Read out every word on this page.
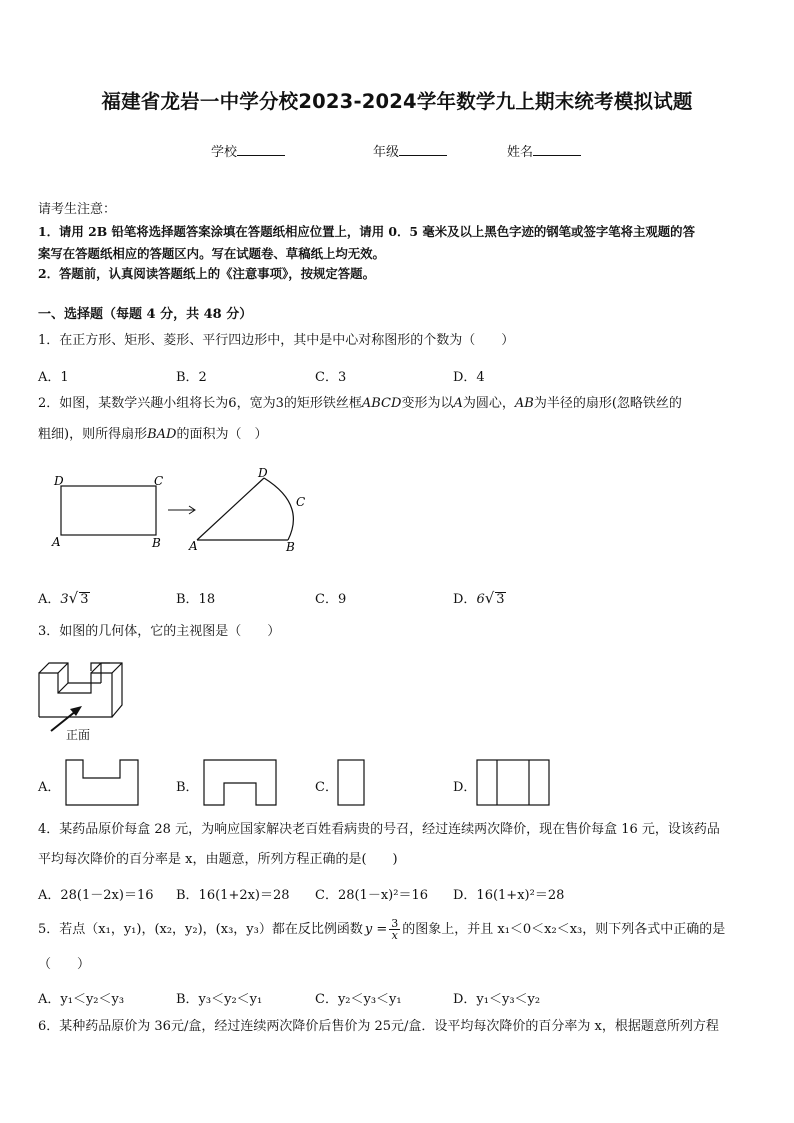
福建省龙岩一中学分校2023-2024学年数学九上期末统考模拟试题
学校	年级	姓名
请考生注意：
1．请用 2B 铅笔将选择题答案涂填在答题纸相应位置上，请用 0．5 毫米及以上黑色字迹的钢笔或签字笔将主观题的答
案写在答题纸相应的答题区内。写在试题卷、草稿纸上均无效。
2．答题前，认真阅读答题纸上的《注意事项》，按规定答题。
一、选择题（每题 4 分，共 48 分）
1．在正方形、矩形、菱形、平行四边形中，其中是中心对称图形的个数为（　　）
A．1	B．2	C．3	D．4
2．如图，某数学兴趣小组将长为6，宽为3的矩形铁丝框ABCD变形为以A为圆心，AB为半径的扇形(忽略铁丝的
粗细)，则所得扇形BAD的面积为（　）
D	C
A	B
D
C
A	B
A．3√ 3	B．18	C．9	D．6√ 3
3．如图的几何体，它的主视图是（　　）
正面
A．	B．	C．	D．
4．某药品原价每盒 28 元，为响应国家解决老百姓看病贵的号召，经过连续两次降价，现在售价每盒 16 元，设该药品
平均每次降价的百分率是 x，由题意，所列方程正确的是(　　)
A．28(1－2x)＝16 B．16(1+2x)＝28 C．28(1－x)²＝16 D．16(1+x)²＝28
5．若点（x₁，y₁)，(x₂，y₂)，(x₃，y₃）都在反比例函数 $y = \frac{3}{x}$ 的图象上，并且 x₁＜0＜x₂＜x₃，则下列各式中正确的是
（　　）
A．y₁＜y₂＜y₃	B．y₃＜y₂＜y₁	C．y₂＜y₃＜y₁	D．y₁＜y₃＜y₂
6．某种药品原价为 36元/盒，经过连续两次降价后售价为 25元/盒．设平均每次降价的百分率为 x，根据题意所列方程
